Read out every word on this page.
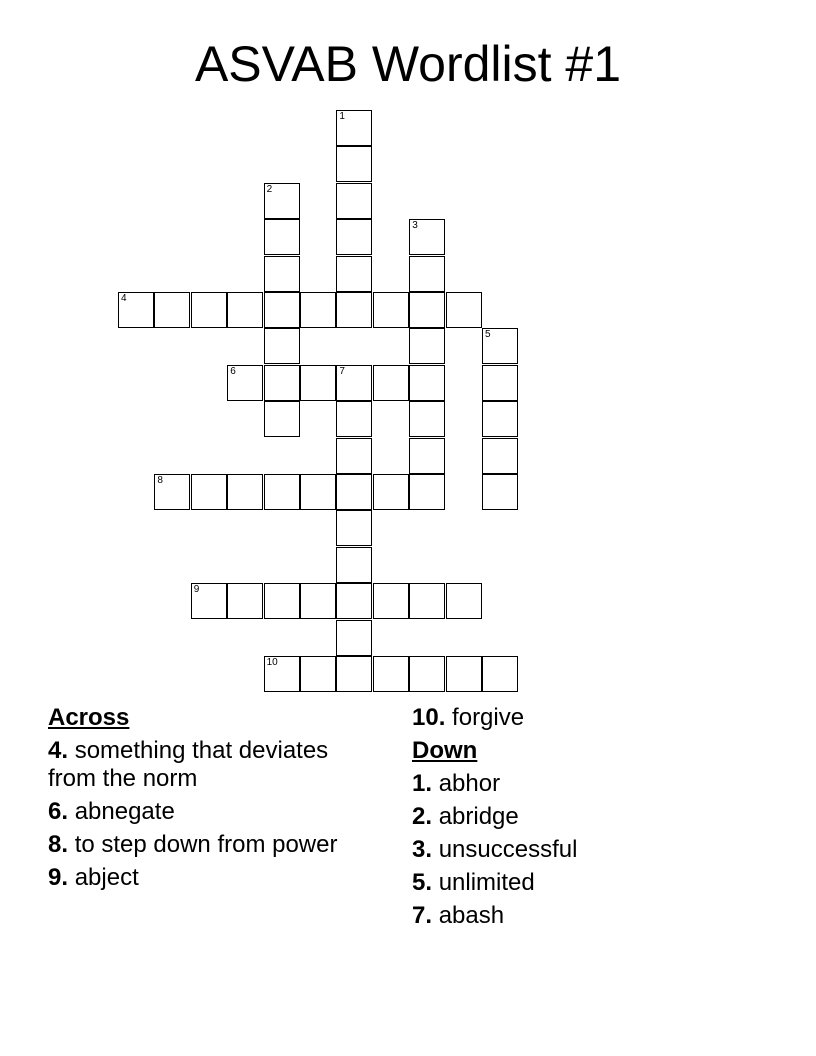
ASVAB Wordlist #1
1
2
3
4
5
6	7
8
9
10
Across
4. something that deviates from the norm
6. abnegate
8. to step down from power
9. abject
10. forgive
Down
1. abhor
2. abridge
3. unsuccessful
5. unlimited
7. abash
